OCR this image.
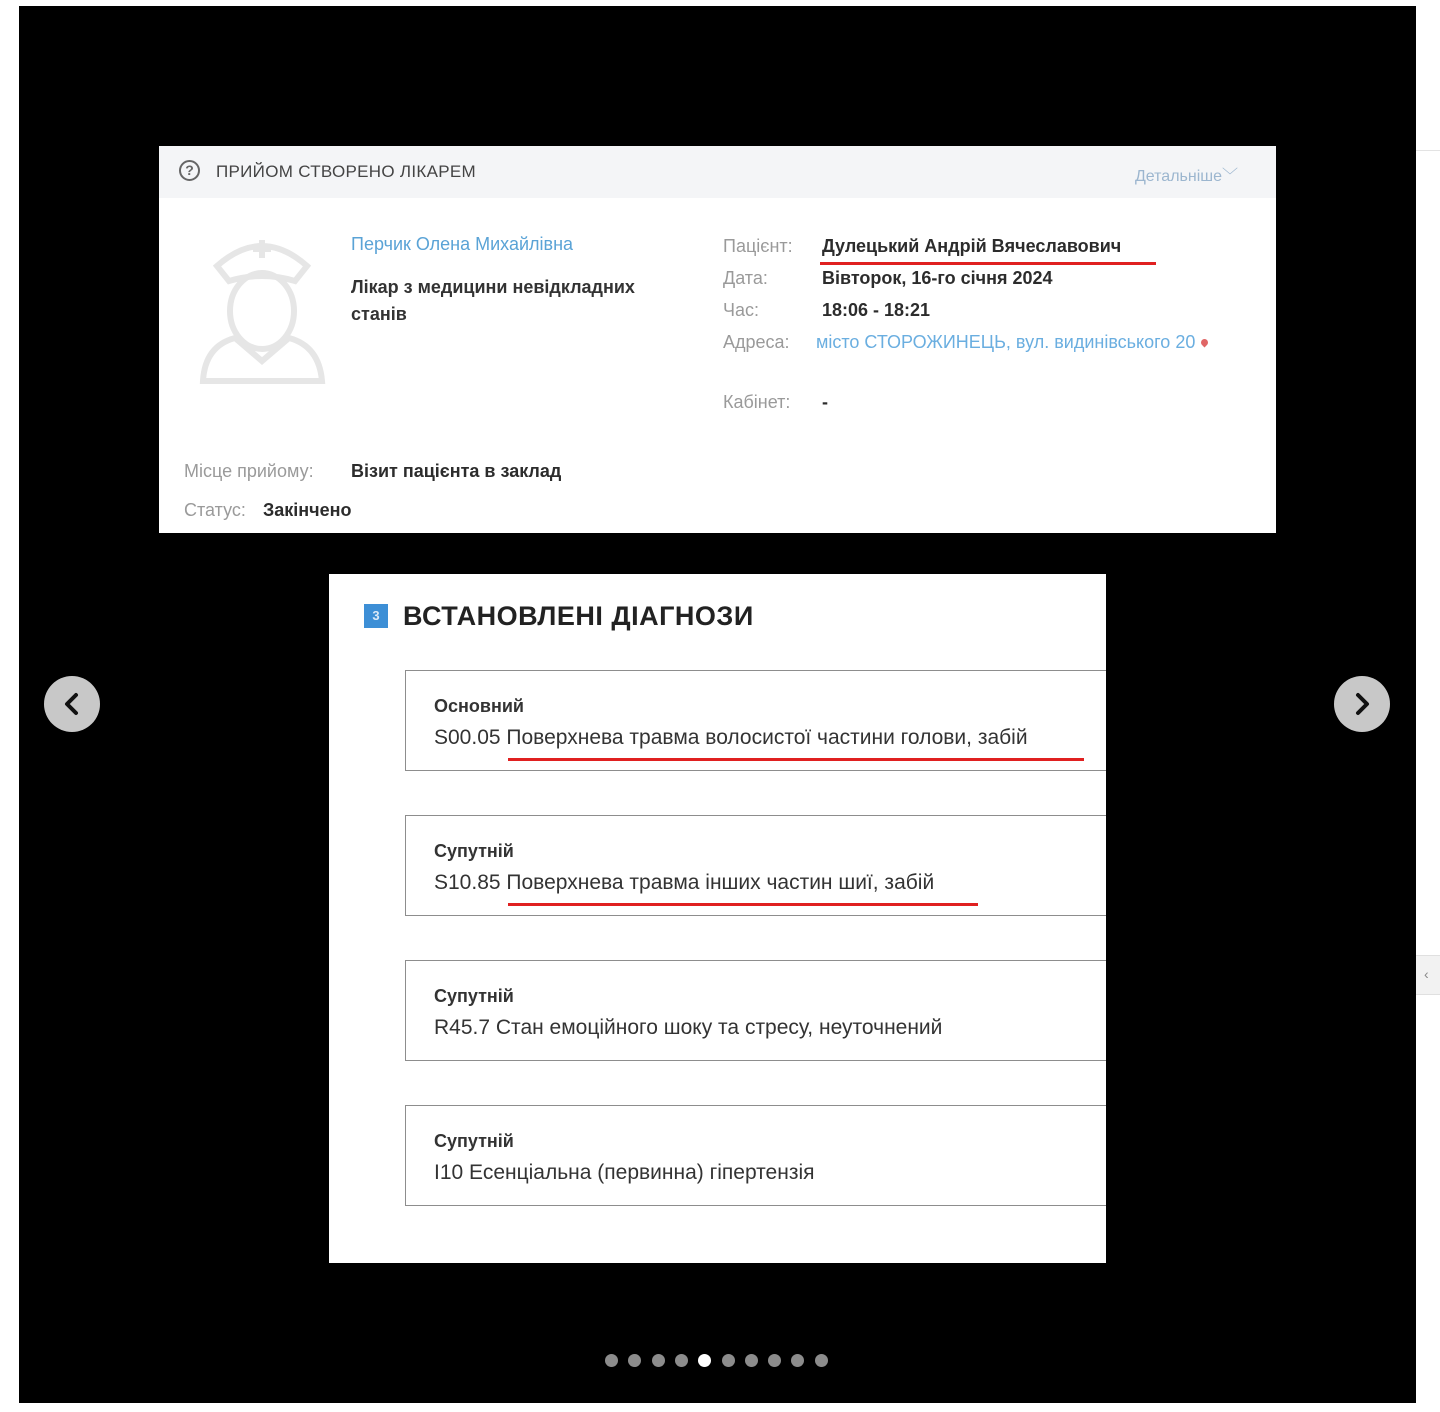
‹
?	ПРИЙОМ СТВОРЕНО ЛІКАРЕМ	Детальніше﹀
Перчик Олена Михайлівна
Лікар з медицини невідкладних станів
Пацієнт: Дулецький Андрій Вячеславович
Дата:	Вівторок, 16-го січня 2024
Час:	18:06 - 18:21
Адреса: місто СТОРОЖИНЕЦЬ, вул. видинівського 20
Кабінет: -
Місце прийому: Візит пацієнта в заклад
Статус: Закінчено
3 ВСТАНОВЛЕНІ ДІАГНОЗИ
Основний
S00.05 Поверхнева травма волосистої частини голови, забій
Супутній
S10.85 Поверхнева травма інших частин шиї, забій
Супутній
R45.7 Стан емоційного шоку та стресу, неуточнений
Супутній
I10 Есенціальна (первинна) гіпертензія
